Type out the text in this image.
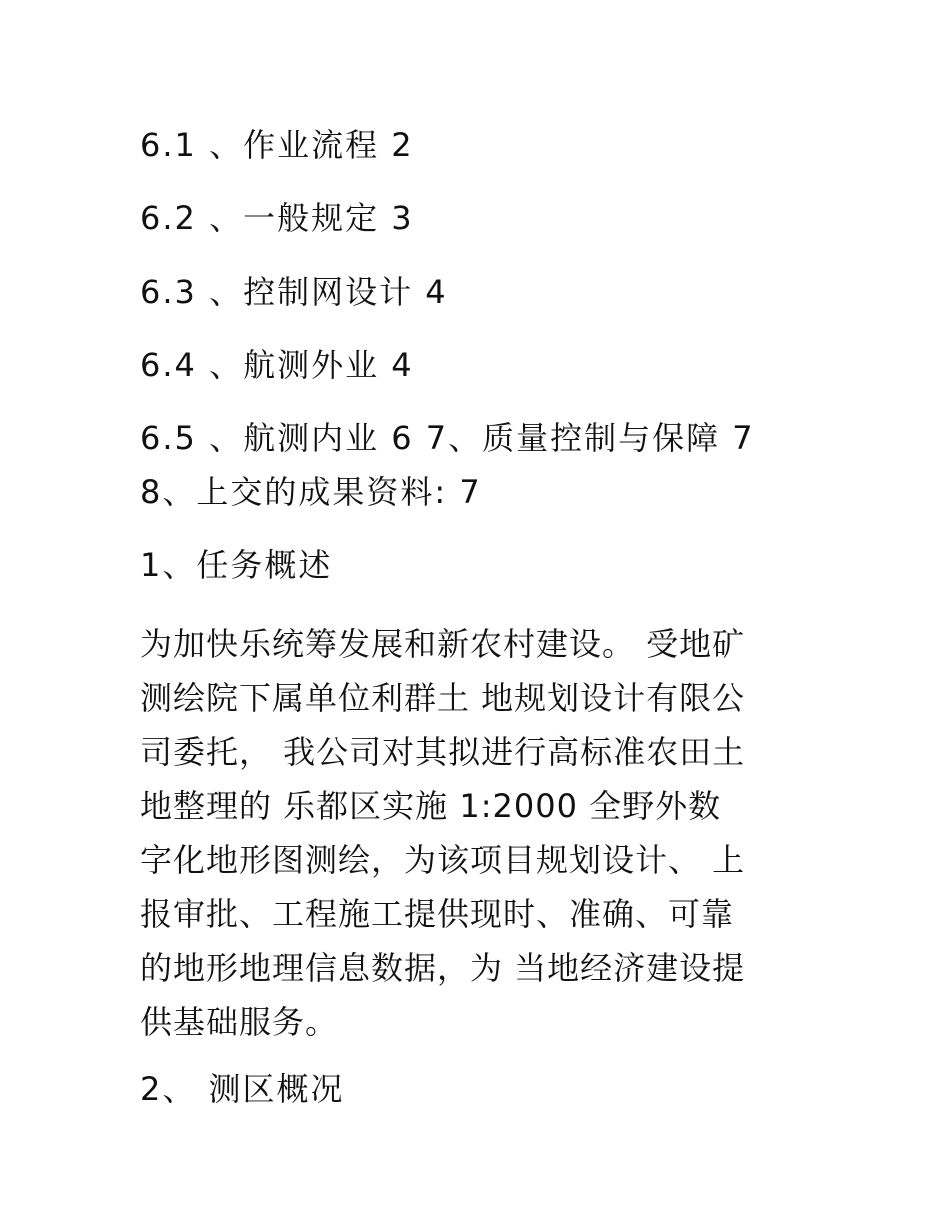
6.1 、作业流程 2

6.2 、一般规定 3

6.3 、控制网设计 4

6.4 、航测外业 4

6.5 、航测内业 6 7、质量控制与保障 7

8、上交的成果资料: 7

1、任务概述
为加快乐统筹发展和新农村建设。 受地矿
测绘院下属单位利群土 地规划设计有限公
司委托， 我公司对其拟进行高标准农田土
地整理的 乐都区实施 1:2000 全野外数
字化地形图测绘，为该项目规划设计、 上
报审批、工程施工提供现时、准确、可靠
的地形地理信息数据，为 当地经济建设提
供基础服务。
2、 测区概况
